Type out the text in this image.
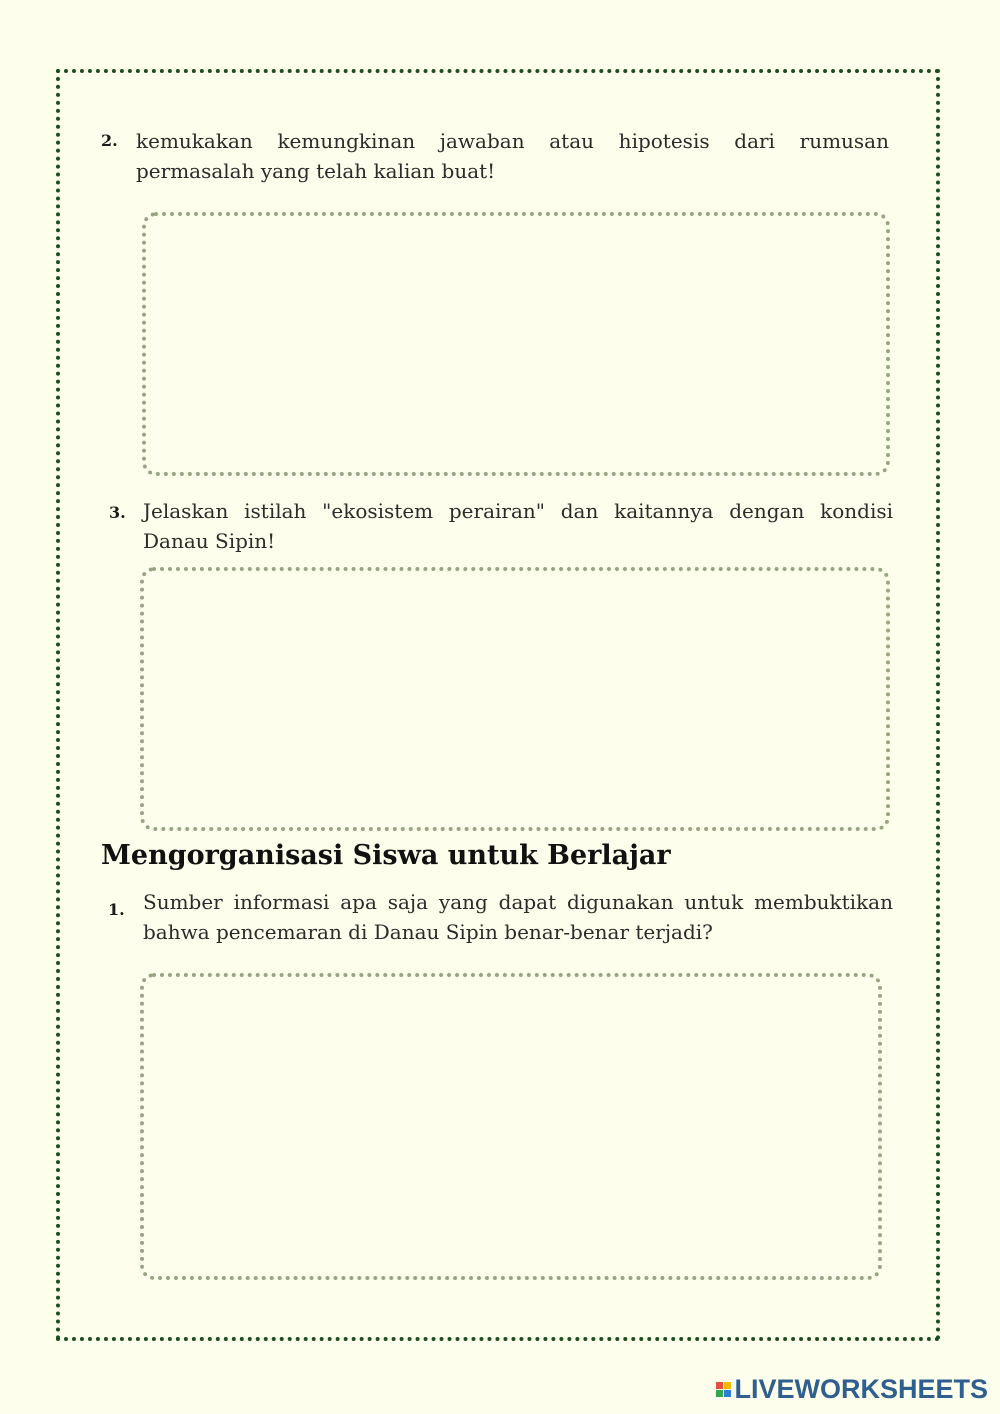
2. kemukakan kemungkinan jawaban atau hipotesis dari rumusan permasalah yang telah kalian buat!
3. Jelaskan istilah "ekosistem perairan" dan kaitannya dengan kondisi Danau Sipin!
Mengorganisasi Siswa untuk Berlajar
1. Sumber informasi apa saja yang dapat digunakan untuk membuktikan bahwa pencemaran di Danau Sipin benar-benar terjadi?
LIVEWORKSHEETS
